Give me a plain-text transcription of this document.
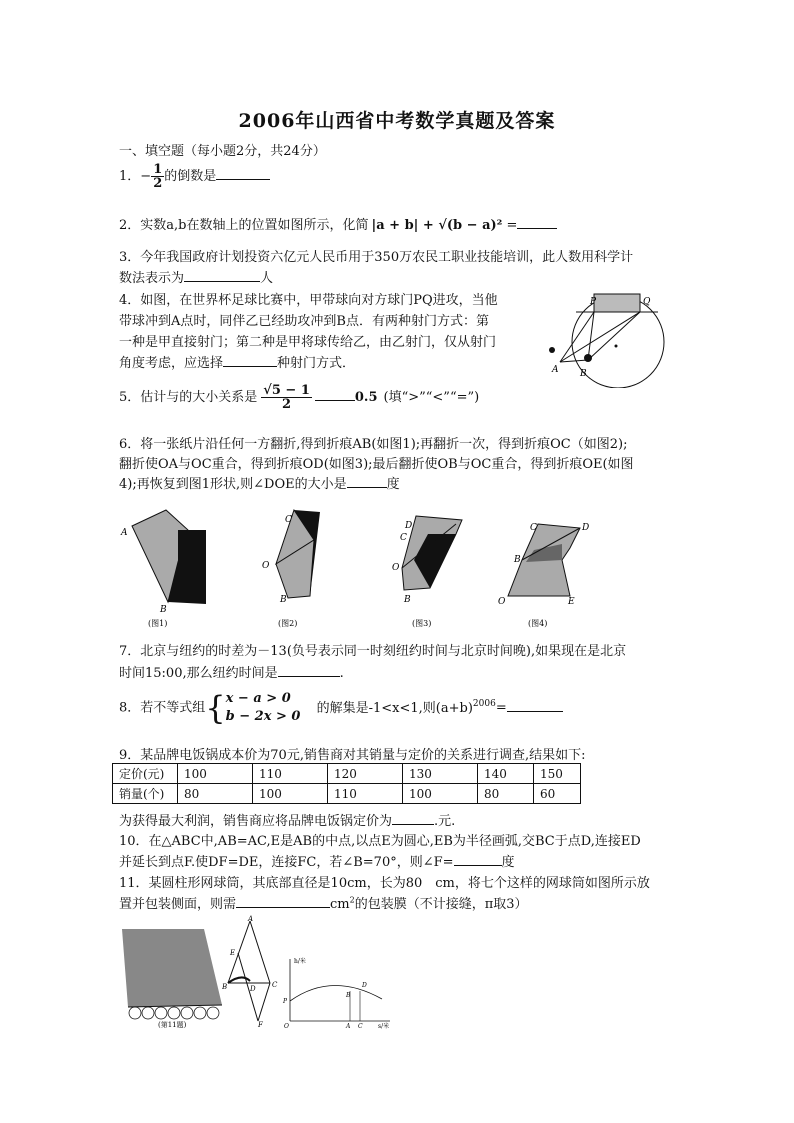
2006年山西省中考数学真题及答案
一、填空题（每小题2分，共24分）
1．− $\frac{1}{2}$ 的倒数是
2．实数a,b在数轴上的位置如图所示，化简 |a + b| + √(b − a)² =
3．今年我国政府计划投资六亿元人民币用于350万农民工职业技能培训，此人数用科学计
数法表示为	人
4．如图，在世界杯足球比赛中，甲带球向对方球门PQ进攻，当他
带球冲到A点时，同伴乙已经助攻冲到B点．有两种射门方式：第
一种是甲直接射门；第二种是甲将球传给乙，由乙射门，仅从射门
角度考虑，应选择	种射门方式．
P	Q
A B
5．估计与的大小关系是 $\frac{√5 - 1}{2}$	0.5 (填“>”“<”“=”)
6．将一张纸片沿任何一方翻折,得到折痕AB(如图1);再翻折一次，得到折痕OC（如图2);
翻折使OA与OC重合，得到折痕OD(如图3);最后翻折使OB与OC重合，得到折痕OE(如图
4);再恢复到图1形状,则∠DOE的大小是	度
A
B
(图1)
C
O
B
(图2)
D
C
O
B
(图3)
C	D
B
O	E
(图4)
7．北京与纽约的时差为－13(负号表示同一时刻纽约时间与北京时间晚),如果现在是北京
时间15:00,那么纽约时间是	.
8．若不等式组{ x − a > 0
b − 2x > 0
的解集是-1<x<1,则$(a+b)^{2006}=$
9．某品牌电饭锅成本价为70元,销售商对其销量与定价的关系进行调查,结果如下:
定价(元)	100	110	120	130	140	150
销量(个)	80	100	110	100	80	60
为获得最大利润，销售商应将品牌电饭锅定价为	.元.
10．在△ABC中,AB=AC,E是AB的中点,以点E为圆心,EB为半径画弧,交BC于点D,连接ED
并延长到点F.使DF=DE，连接FC，若∠B=70°，则∠F=	度
11．某圆柱形网球筒，其底部直径是10cm，长为80　cm，将七个这样的网球筒如图所示放
置并包装侧面，则需	$cm^2$的包装膜（不计接缝，π取3）
(第11题)
A
E
B	D C
F
h/米
s/米
O
P
B
D
A C
